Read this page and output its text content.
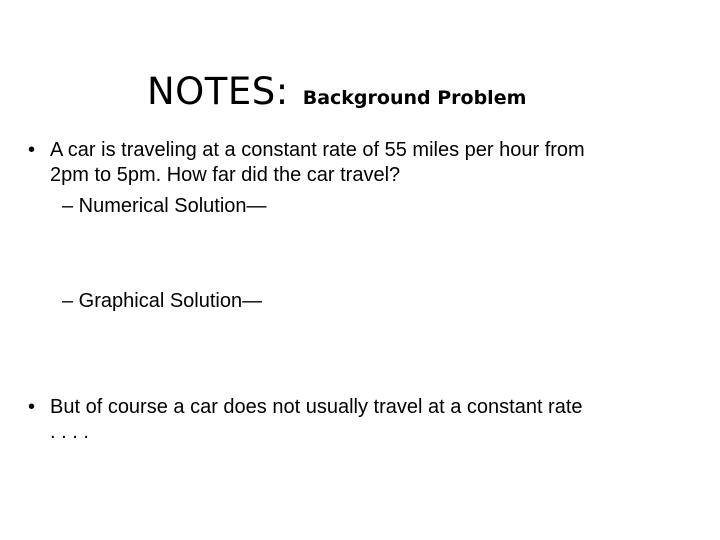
NOTES: Background Problem
• A car is traveling at a constant rate of 55 miles per hour from
2pm to 5pm. How far did the car travel?
– Numerical Solution—
– Graphical Solution—
• But of course a car does not usually travel at a constant rate
. . . .
